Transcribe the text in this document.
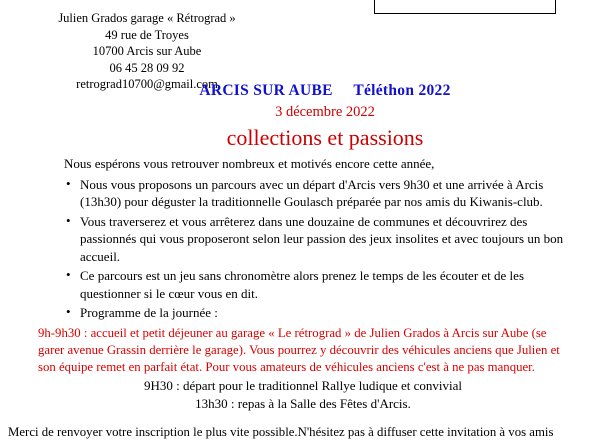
Julien Grados garage « Rétrograd »
49 rue de Troyes
10700 Arcis sur Aube
06 45 28 09 92
retrograd10700@gmail.com
ARCIS SUR AUBE     Téléthon 2022
3 décembre 2022
collections et passions
Nous espérons vous retrouver nombreux et motivés encore cette année,
• Nous vous proposons un parcours avec un départ d'Arcis vers 9h30 et une arrivée à Arcis (13h30) pour déguster la traditionnelle Goulasch préparée par nos amis du Kiwanis-club.
• Vous traverserez et vous arrêterez dans une douzaine de communes et découvrirez des passionnés qui vous proposeront selon leur passion des jeux insolites et avec toujours un bon accueil.
• Ce parcours est un jeu sans chronomètre alors prenez le temps de les écouter et de les questionner si le cœur vous en dit.
• Programme de la journée :
9h-9h30 : accueil et petit déjeuner au garage « Le rétrograd » de Julien Grados à Arcis sur Aube (se garer avenue Grassin derrière le garage). Vous pourrez y découvrir des véhicules anciens que Julien et son équipe remet en parfait état. Pour vous amateurs de véhicules anciens c'est à ne pas manquer.
9H30 : départ pour le traditionnel Rallye ludique et convivial
13h30 : repas à la Salle des Fêtes d'Arcis.
Merci de renvoyer votre inscription le plus vite possible.N'hésitez pas à diffuser cette invitation à vos amis
